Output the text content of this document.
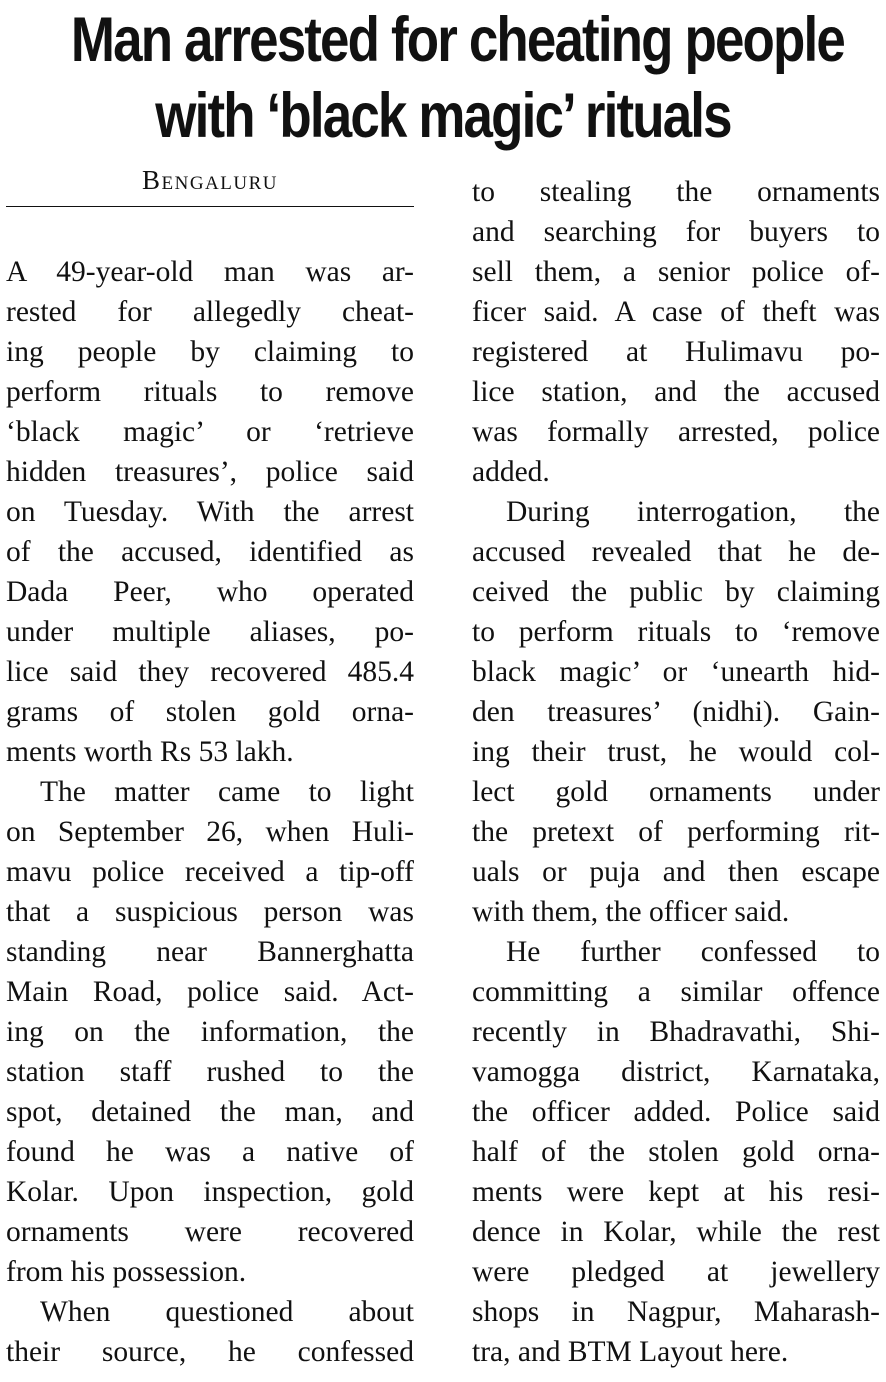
Man arrested for cheating people
with ‘black magic’ rituals
Bengaluru
A 49-year-old man was ar-
rested for allegedly cheat-
ing people by claiming to
perform rituals to remove
‘black magic’ or ‘retrieve
hidden treasures’, police said
on Tuesday. With the arrest
of the accused, identified as
Dada Peer, who operated
under multiple aliases, po-
lice said they recovered 485.4
grams of stolen gold orna-
ments worth Rs 53 lakh.
The matter came to light
on September 26, when Huli-
mavu police received a tip-off
that a suspicious person was
standing near Bannerghatta
Main Road, police said. Act-
ing on the information, the
station staff rushed to the
spot, detained the man, and
found he was a native of
Kolar. Upon inspection, gold
ornaments were recovered
from his possession.
When questioned about
their source, he confessed
to stealing the ornaments
and searching for buyers to
sell them, a senior police of-
ficer said. A case of theft was
registered at Hulimavu po-
lice station, and the accused
was formally arrested, police
added.
During interrogation, the
accused revealed that he de-
ceived the public by claiming
to perform rituals to ‘remove
black magic’ or ‘unearth hid-
den treasures’ (nidhi). Gain-
ing their trust, he would col-
lect gold ornaments under
the pretext of performing rit-
uals or puja and then escape
with them, the officer said.
He further confessed to
committing a similar offence
recently in Bhadravathi, Shi-
vamogga district, Karnataka,
the officer added. Police said
half of the stolen gold orna-
ments were kept at his resi-
dence in Kolar, while the rest
were pledged at jewellery
shops in Nagpur, Maharash-
tra, and BTM Layout here.
